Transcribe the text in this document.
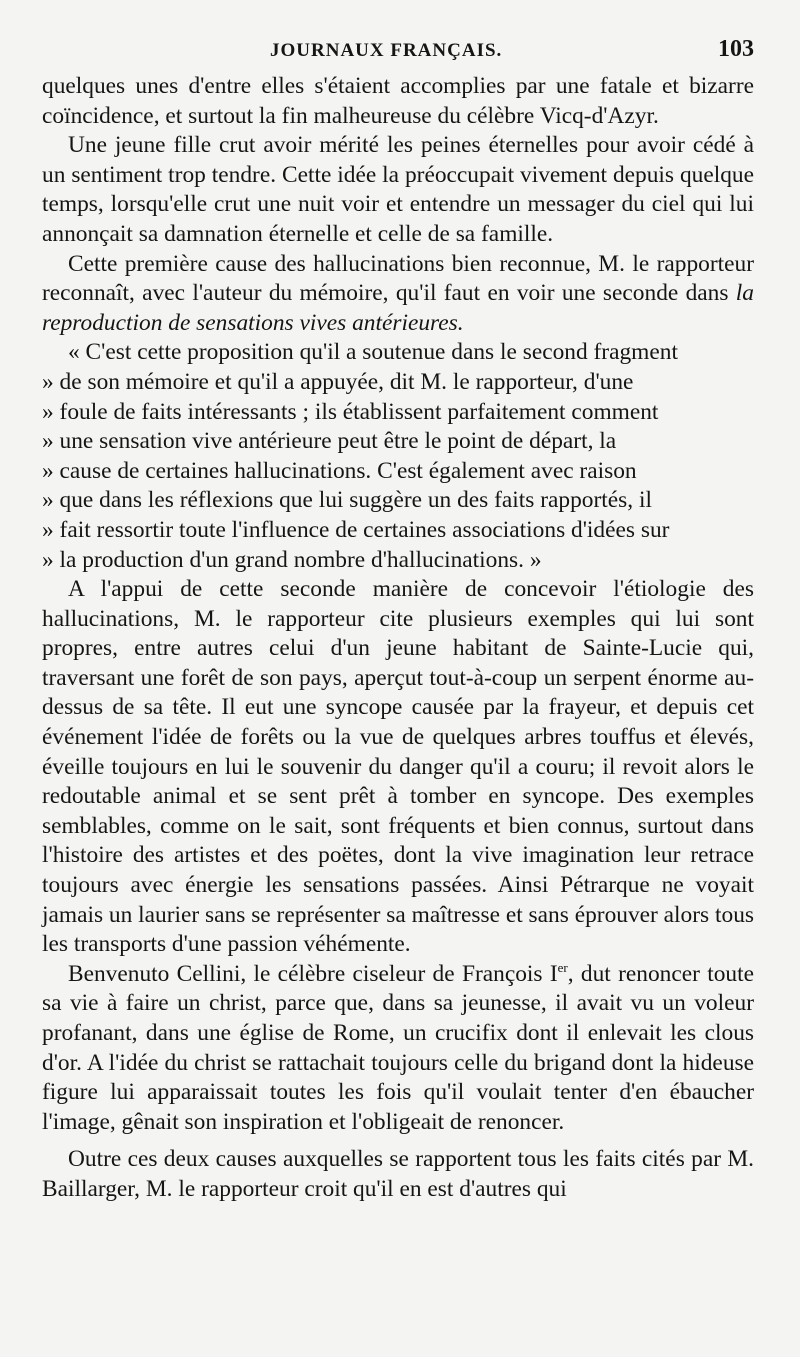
JOURNAUX FRANÇAIS.	103

quelques unes d'entre elles s'étaient accomplies par une fatale et bizarre coïncidence, et surtout la fin malheureuse du célèbre Vicq-d'Azyr.

Une jeune fille crut avoir mérité les peines éternelles pour avoir cédé à un sentiment trop tendre. Cette idée la préoccupait vivement depuis quelque temps, lorsqu'elle crut une nuit voir et entendre un messager du ciel qui lui annonçait sa damnation éternelle et celle de sa famille.

Cette première cause des hallucinations bien reconnue, M. le rapporteur reconnaît, avec l'auteur du mémoire, qu'il faut en voir une seconde dans la reproduction de sensations vives antérieures.

« C'est cette proposition qu'il a soutenue dans le second fragment
» de son mémoire et qu'il a appuyée, dit M. le rapporteur, d'une
» foule de faits intéressants ; ils établissent parfaitement comment
» une sensation vive antérieure peut être le point de départ, la
» cause de certaines hallucinations. C'est également avec raison
» que dans les réflexions que lui suggère un des faits rapportés, il
» fait ressortir toute l'influence de certaines associations d'idées sur
» la production d'un grand nombre d'hallucinations. »

A l'appui de cette seconde manière de concevoir l'étiologie des hallucinations, M. le rapporteur cite plusieurs exemples qui lui sont propres, entre autres celui d'un jeune habitant de Sainte-Lucie qui, traversant une forêt de son pays, aperçut tout-à-coup un serpent énorme au-dessus de sa tête. Il eut une syncope causée par la frayeur, et depuis cet événement l'idée de forêts ou la vue de quelques arbres touffus et élevés, éveille toujours en lui le souvenir du danger qu'il a couru; il revoit alors le redoutable animal et se sent prêt à tomber en syncope. Des exemples semblables, comme on le sait, sont fréquents et bien connus, surtout dans l'histoire des artistes et des poëtes, dont la vive imagination leur retrace toujours avec énergie les sensations passées. Ainsi Pétrarque ne voyait jamais un laurier sans se représenter sa maîtresse et sans éprouver alors tous les transports d'une passion véhémente.

Benvenuto Cellini, le célèbre ciseleur de François Ier, dut renoncer toute sa vie à faire un christ, parce que, dans sa jeunesse, il avait vu un voleur profanant, dans une église de Rome, un crucifix dont il enlevait les clous d'or. A l'idée du christ se rattachait toujours celle du brigand dont la hideuse figure lui apparaissait toutes les fois qu'il voulait tenter d'en ébaucher l'image, gênait son inspiration et l'obligeait de renoncer.

Outre ces deux causes auxquelles se rapportent tous les faits cités par M. Baillarger, M. le rapporteur croit qu'il en est d'autres qui
